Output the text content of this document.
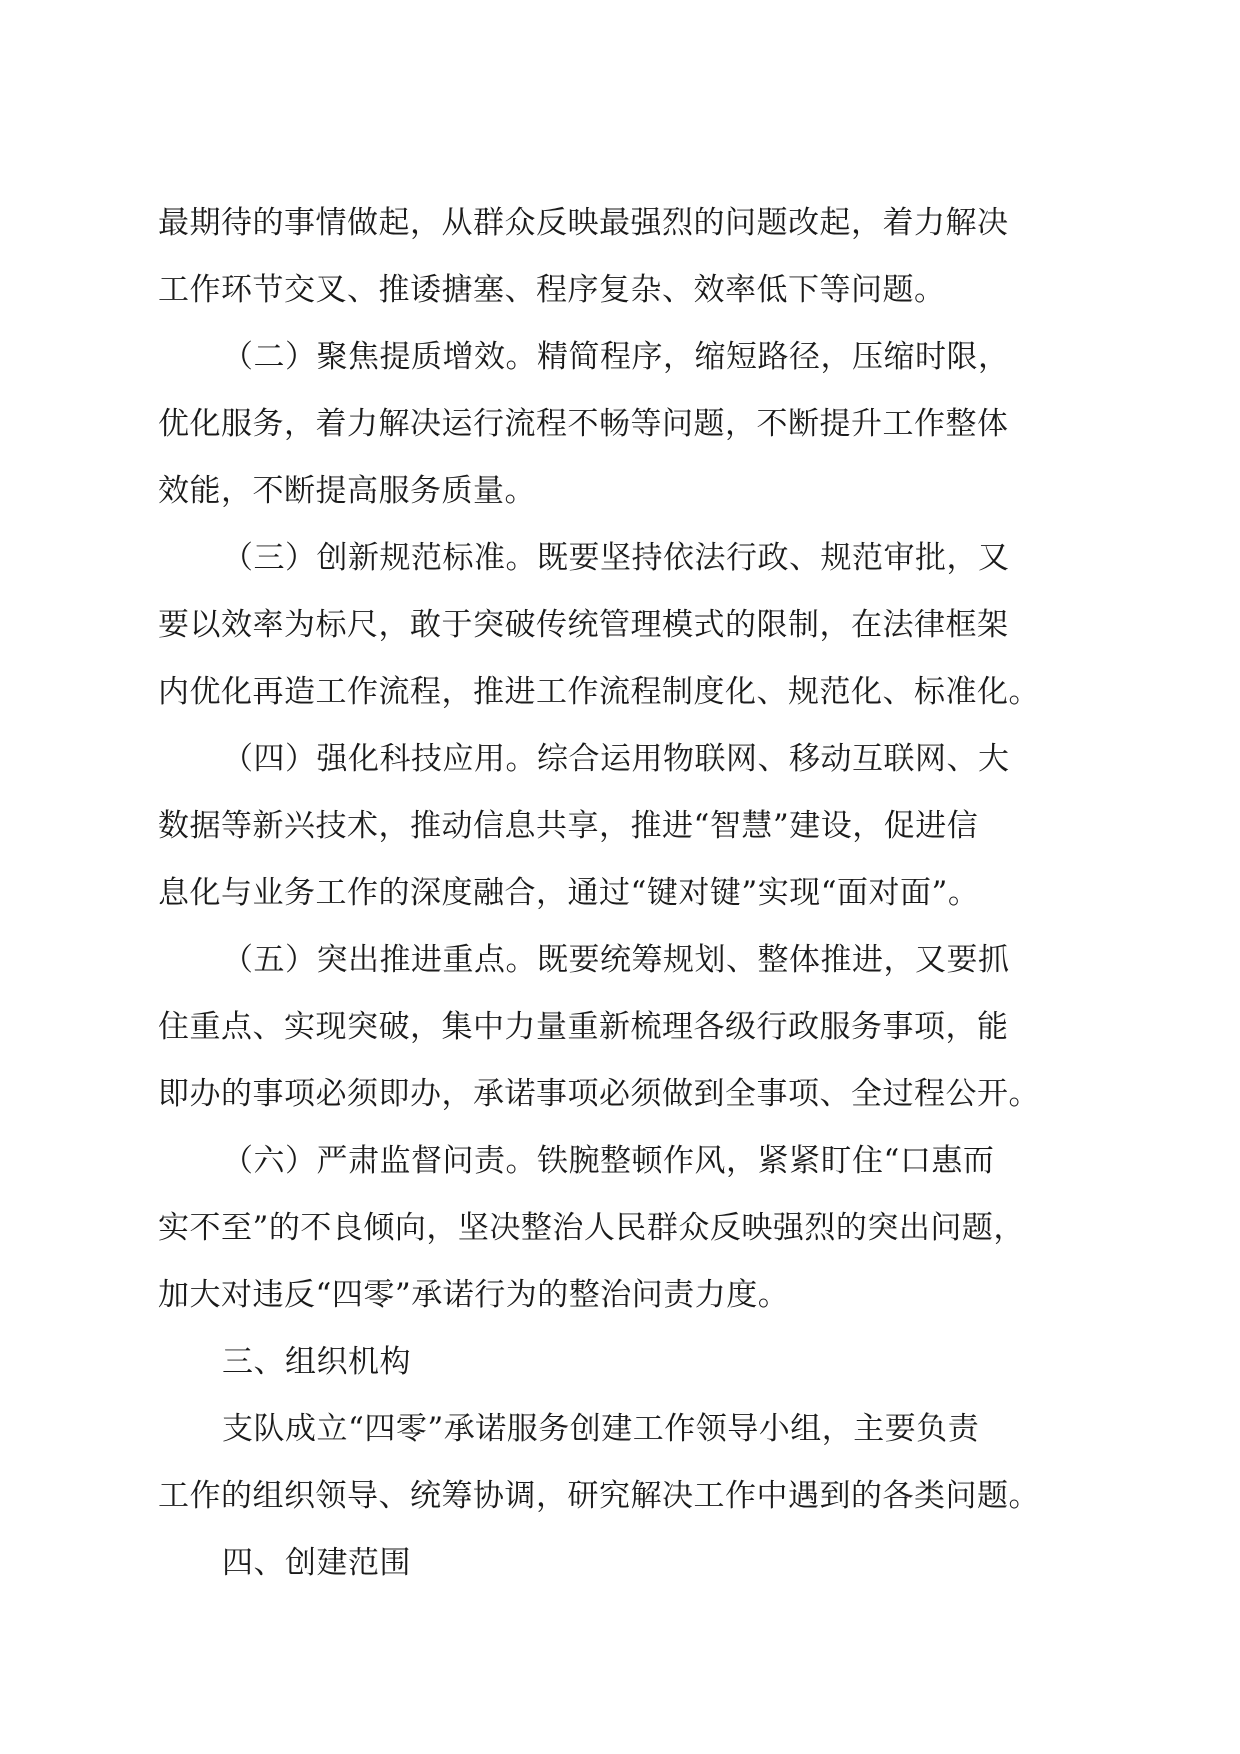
最期待的事情做起，从群众反映最强烈的问题改起，着力解决
工作环节交叉、推诿搪塞、程序复杂、效率低下等问题。
（二）聚焦提质增效。精简程序，缩短路径，压缩时限，
优化服务，着力解决运行流程不畅等问题，不断提升工作整体
效能，不断提高服务质量。
（三）创新规范标准。既要坚持依法行政、规范审批，又
要以效率为标尺，敢于突破传统管理模式的限制，在法律框架
内优化再造工作流程，推进工作流程制度化、规范化、标准化。
（四）强化科技应用。综合运用物联网、移动互联网、大
数据等新兴技术，推动信息共享，推进“智慧”建设，促进信
息化与业务工作的深度融合，通过“键对键”实现“面对面”。
（五）突出推进重点。既要统筹规划、整体推进，又要抓
住重点、实现突破，集中力量重新梳理各级行政服务事项，能
即办的事项必须即办，承诺事项必须做到全事项、全过程公开。
（六）严肃监督问责。铁腕整顿作风，紧紧盯住“口惠而
实不至”的不良倾向，坚决整治人民群众反映强烈的突出问题，
加大对违反“四零”承诺行为的整治问责力度。
三、组织机构
支队成立“四零”承诺服务创建工作领导小组，主要负责
工作的组织领导、统筹协调，研究解决工作中遇到的各类问题。
四、创建范围
